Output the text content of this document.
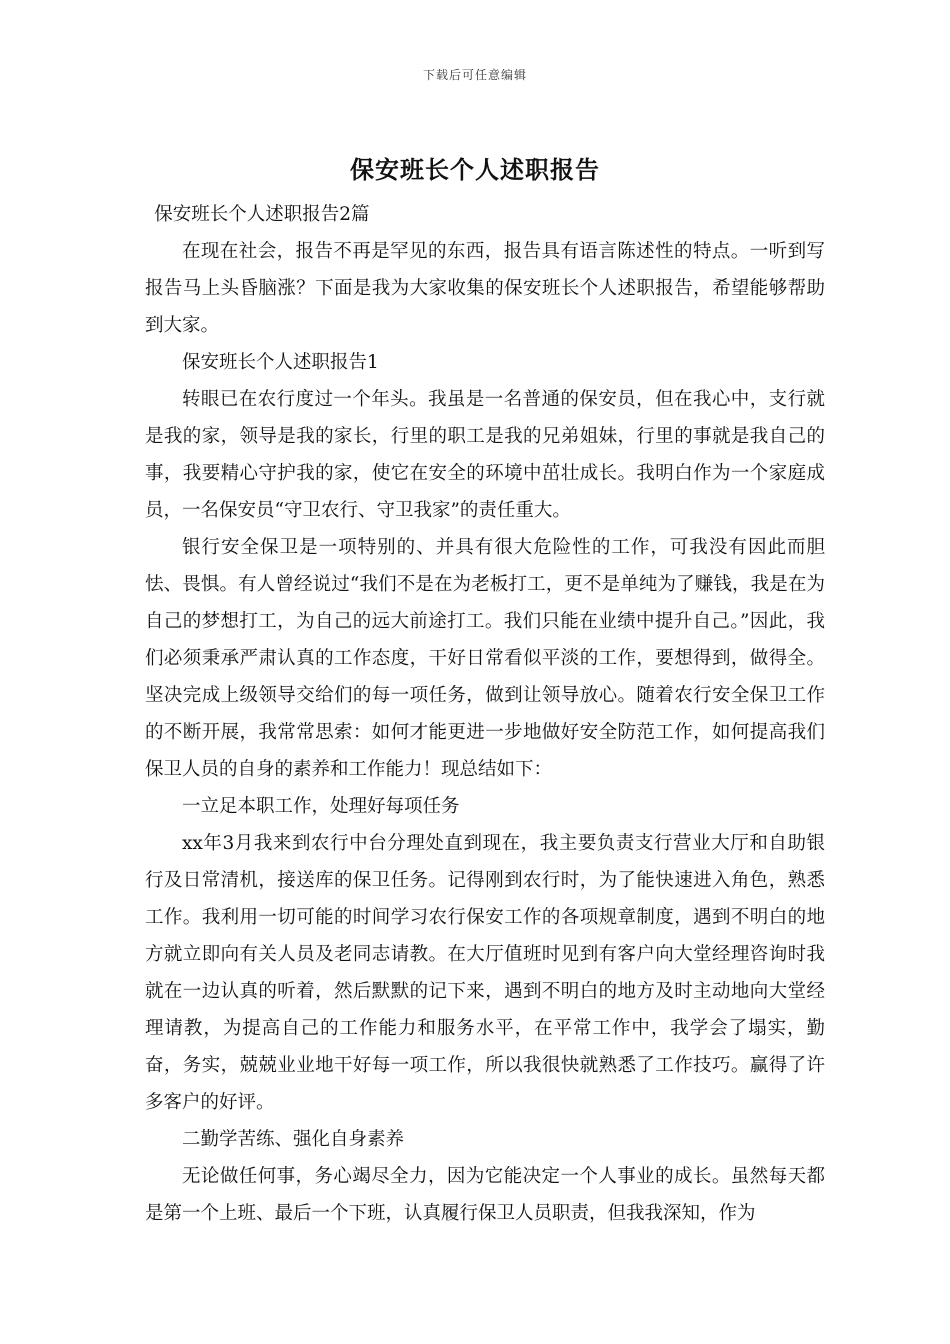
下载后可任意编辑
保安班长个人述职报告

保安班长个人述职报告2篇

在现在社会，报告不再是罕见的东西，报告具有语言陈述性的特点。一听到写报告马上头昏脑涨？下面是我为大家收集的保安班长个人述职报告，希望能够帮助到大家。

保安班长个人述职报告1

转眼已在农行度过一个年头。我虽是一名普通的保安员，但在我心中，支行就是我的家，领导是我的家长，行里的职工是我的兄弟姐妹，行里的事就是我自己的事，我要精心守护我的家，使它在安全的环境中茁壮成长。我明白作为一个家庭成员，一名保安员“守卫农行、守卫我家”的责任重大。

银行安全保卫是一项特别的、并具有很大危险性的工作，可我没有因此而胆怯、畏惧。有人曾经说过“我们不是在为老板打工，更不是单纯为了赚钱，我是在为自己的梦想打工，为自己的远大前途打工。我们只能在业绩中提升自己。”因此，我们必须秉承严肃认真的工作态度，干好日常看似平淡的工作，要想得到，做得全。坚决完成上级领导交给们的每一项任务，做到让领导放心。随着农行安全保卫工作的不断开展，我常常思索：如何才能更进一步地做好安全防范工作，如何提高我们保卫人员的自身的素养和工作能力！现总结如下：

一立足本职工作，处理好每项任务

xx年3月我来到农行中台分理处直到现在，我主要负责支行营业大厅和自助银行及日常清机，接送库的保卫任务。记得刚到农行时，为了能快速进入角色，熟悉工作。我利用一切可能的时间学习农行保安工作的各项规章制度，遇到不明白的地方就立即向有关人员及老同志请教。在大厅值班时见到有客户向大堂经理咨询时我就在一边认真的听着，然后默默的记下来，遇到不明白的地方及时主动地向大堂经理请教，为提高自己的工作能力和服务水平，在平常工作中，我学会了塌实，勤奋，务实，兢兢业业地干好每一项工作，所以我很快就熟悉了工作技巧。赢得了许多客户的好评。

二勤学苦练、强化自身素养

无论做任何事，务心竭尽全力，因为它能决定一个人事业的成长。虽然每天都是第一个上班、最后一个下班，认真履行保卫人员职责，但我我深知，作为
